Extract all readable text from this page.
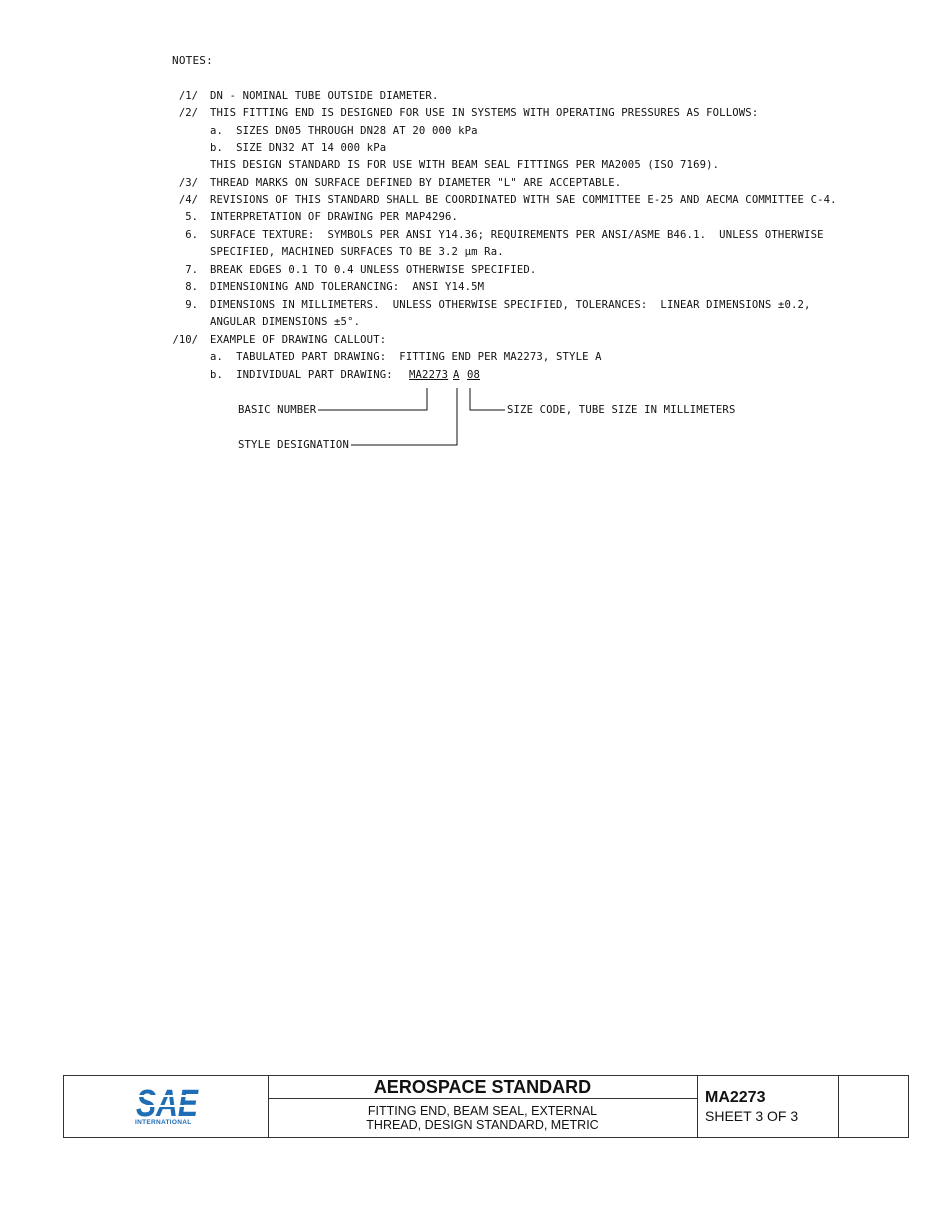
NOTES:
/1/ DN - NOMINAL TUBE OUTSIDE DIAMETER.
/2/ THIS FITTING END IS DESIGNED FOR USE IN SYSTEMS WITH OPERATING PRESSURES AS FOLLOWS:
a.  SIZES DN05 THROUGH DN28 AT 20 000 kPa
b.  SIZE DN32 AT 14 000 kPa
THIS DESIGN STANDARD IS FOR USE WITH BEAM SEAL FITTINGS PER MA2005 (ISO 7169).
/3/ THREAD MARKS ON SURFACE DEFINED BY DIAMETER "L" ARE ACCEPTABLE.
/4/ REVISIONS OF THIS STANDARD SHALL BE COORDINATED WITH SAE COMMITTEE E-25 AND AECMA COMMITTEE C-4.
5. INTERPRETATION OF DRAWING PER MAP4296.
6. SURFACE TEXTURE:  SYMBOLS PER ANSI Y14.36; REQUIREMENTS PER ANSI/ASME B46.1.  UNLESS OTHERWISE
SPECIFIED, MACHINED SURFACES TO BE 3.2 µm Ra.
7. BREAK EDGES 0.1 TO 0.4 UNLESS OTHERWISE SPECIFIED.
8. DIMENSIONING AND TOLERANCING:  ANSI Y14.5M
9. DIMENSIONS IN MILLIMETERS.  UNLESS OTHERWISE SPECIFIED, TOLERANCES:  LINEAR DIMENSIONS ±0.2,
ANGULAR DIMENSIONS ±5°.
/10/ EXAMPLE OF DRAWING CALLOUT:
a.  TABULATED PART DRAWING:  FITTING END PER MA2273, STYLE A
b.  INDIVIDUAL PART DRAWING: MA2273 A 08
BASIC NUMBER	SIZE CODE, TUBE SIZE IN MILLIMETERS
STYLE DESIGNATION
SAE
INTERNATIONAL
AEROSPACE STANDARD
FITTING END, BEAM SEAL, EXTERNAL
THREAD, DESIGN STANDARD, METRIC
MA2273
SHEET 3 OF 3
